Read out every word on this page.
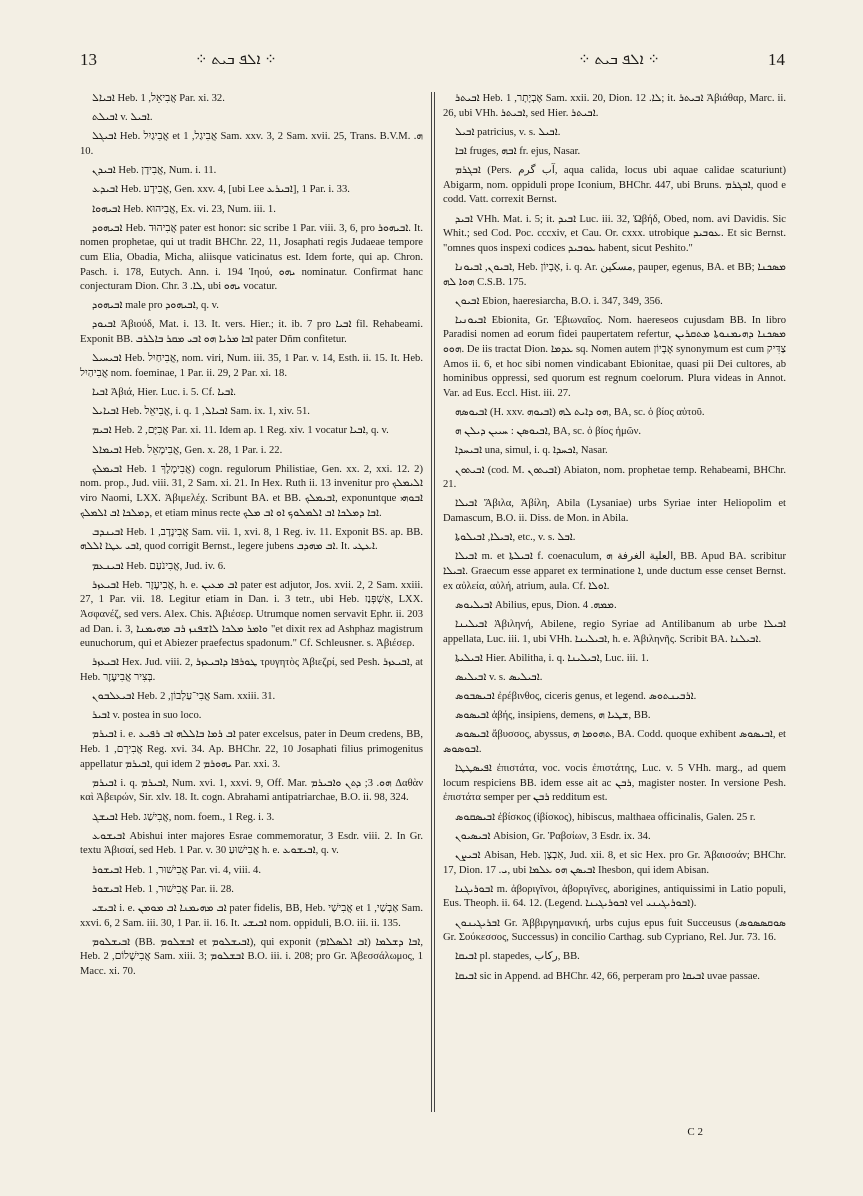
13	⁘ ܐܠܦ ܒܝܬ ⁘	⁘ ܐܠܦ ܒܝܬ ⁘	14

ܐܒܝܐܠ Heb. אֲבִיאֵל, 1 Par. xi. 32.

ܐܒܝܠܬ v. ܐܒܝܠ.

ܐܒܝܓܠ Heb. אֲבִיגַיִל et אֲבִיגַל, 1 Sam. xxv. 3, 2 Sam. xvii. 25, Trans. B.V.M. ܗ. 10.

ܐܒܝܕܢ Heb. אֲבִידָן, Num. i. 11.

ܐܒܝܕܥ Heb. אֲבִידָע, Gen. xxv. 4, [ubi Lee ܐܒܝܪܥ], 1 Par. i. 33.

ܐܒܝܗܘܐ Heb. אֲבִיהוּא, Ex. vi. 23, Num. iii. 1.

ܐܒܝܗܘܕ Heb. אֲבִיהוּד pater est honor: sic scribe 1 Par. viii. 3, 6, pro ܐܒܝܗܘܪ. It. nomen prophetae, qui ut tradit BHChr. 22, 11, Josaphati regis Judaeae tempore cum Elia, Obadia, Micha, aliisque vaticinatus est. Idem forte, qui ap. Chron. Pasch. i. 178, Eutych. Ann. i. 194 Ἰηού, ܝܗܘ nominatur. Confirmat hanc conjecturam Dion. Chr. ܠܐ. 3, ubi ܝܗܘ vocatur.

ܐܒܝܗܘܕ male pro ܐܒܝܗܘܕ, q. v.

ܐܒܝܘܕ Ἀβιούδ, Mat. i. 13. It. vers. Hier.; it. ib. 7 pro ܐܒܝܐ fil. Rehabeami. Exponit BB. ܐܒܐ ܡܪܝܐ ܗܘ ܐܒܝ ܡܩܪ ܒܐܠܪܒ pater Dñm confitetur.

ܐܒܝܚܝܠ Heb. אֲבִיחַיִל, nom. viri, Num. iii. 35, 1 Par. v. 14, Esth. ii. 15. It. Heb. אֲבִיהַיִל nom. foeminae, 1 Par. ii. 29, 2 Par. xi. 18.

ܐܒܝܐ Ἀβιά, Hier. Luc. i. 5. Cf. ܐܒܝܐ.

ܐܒܝܐܝܠ Heb. אֲבִיאֵל, i. q. ܐܒܝܐܠ, 1 Sam. ix. 1, xiv. 51.

ܐܒܝܡ Heb. אֲבִיָּם, 2 Par. xi. 11. Idem ap. 1 Reg. xiv. 1 vocatur ܐܒܝܐ, q. v.

ܐܒܝܡܐܠ Heb. אֲבִימָאֵל, Gen. x. 28, 1 Par. i. 22.

ܐܒܝܡܠܟ Heb. אֲבִימֶלֶךְ 1) cogn. regulorum Philistiae, Gen. xx. 2, xxi. 12. 2) nom. prop., Jud. viii. 31, 2 Sam. xi. 21. In Hex. Ruth ii. 13 invenitur pro ܐܠܝܡܠܟ viro Naomi, LXX. Ἀβιμελέχ. Scribunt BA. et BB. ܐܒܝܡܠܟ, exponuntque ܐܒܘܗܝ ܕܡܠܟܐ ܐܒ ܐܠܡܠܟ, et etiam minus recte ܐܒܐ ܕܡܠܟܐ ܐܒ ܐܠܡܠܘܟ ܐܘ ܐܒ ܡܠܟ.

ܐܒܝܢܕܒ Heb. אֲבִינָדָב, 1 Sam. vii. 1, xvi. 8, 1 Reg. iv. 11. Exponit BS. ap. BB. ܐܒܝ ܥܛܐ ܐܠܠܗ, quod corrigit Bernst., legere jubens ܐܒ ܡܗܕܒ. It. ܐܥܛܝ.

ܐܒܝܢܥܡ Heb. אֲבִינֹעַם, Jud. iv. 6.

ܐܒܝܥܙܪ Heb. אֲבִיעֶזֶר, h. e. ܐܒ ܡܥܝܢ pater est adjutor, Jos. xvii. 2, 2 Sam. xxiii. 27, 1 Par. vii. 18. Legitur etiam in Dan. i. 3 tetr., ubi Heb. אַשְׁפְּנַז, LXX. Ἀσφανέζ, sed vers. Alex. Chis. Ἀβιέσερ. Utrumque nomen servavit Ephr. ii. 203 ad Dan. i. 3, ܘܐܡܪ ܡܠܟܐ ܠܐܫܦܢܙ ܪܒ ܡܗܝܡܢܐ "et dixit rex ad Ashphaz magistrum eunuchorum, qui et Abiezer praefectus spadonum." Cf. Schleusner. s. Ἀβιέσερ.

ܐܒܝܥܙܪ Hex. Jud. viii. 2, ܛܘܪܦܐ ܕܐܒܝܥܙܪ τρυγητὸς Ἀβιεζρί, sed Pesh. ܐܒܝܥܙܪ, at Heb. בְּצִיר אֲבִיעֶזֶר.

ܐܒܝܥܠܒܘܢ Heb. אֲבִי־עַלְבוֹן, 2 Sam. xxiii. 31.

ܐܒܝܪ v. postea in suo loco.

ܐܒܝܪܡ i. e. ܐܒ ܪܡܐ ܒܐܠܠܗ ܐܒ ܪܦܝܥ pater excelsus, pater in Deum credens, BB, Heb. אֲבִירָם, 1 Reg. xvi. 34. Ap. BHChr. 22, 10 Josaphati filius primogenitus appellatur ܐܒܝܪܡ, qui idem ܝܗܘܪܡ 2 Par. xxi. 3.

ܐܒܝܪܡ i. q. ܐܒܝܪܡ, Num. xvi. 1, xxvi. 9, Off. Mar. ܗܘ. 3; ܕܬܢ ܘܐܒܝܪܡ Δαθὰν καὶ Ἀβειρών, Sir. xlv. 18. It. cogn. Abrahami antipatriarchae, B.O. ii. 98, 324.

ܐܒܝܫܓ Heb. אֲבִישַׁג, nom. foem., 1 Reg. i. 3.

ܐܒܝܫܘܥ Abishui inter majores Esrae commemoratur, 3 Esdr. viii. 2. In Gr. textu Ἀβισαί, sed Heb. 1 Par. v. 30 אֲבִישׁוּעַ h. e. ܐܒܝܫܘܥ, q. v.

ܐܒܝܫܘܪ Heb. אֲבִישׁוּר, 1 Par. vi. 4, viii. 4.

ܐܒܝܫܘܪ Heb. אֲבִישׁוּר, 1 Par. ii. 28.

ܐܒܝܫܝ i. e. ܐܒ ܡܗܝܡܢܐ ܐܒ ܡܘܡܢ pater fidelis, BB, Heb. אֲבִישַׁי et אַבְשַׁי, 1 Sam. xxvi. 6, 2 Sam. iii. 30, 1 Par. ii. 16. It. ܐܒܝܫܝ nom. oppiduli, B.O. iii. ii. 135.

ܐܒܝܫܠܘܡ (BB. ܐܒܫܠܘܡ et ܐܒܝܫܠܘܡ), qui exponit ܐܒܐ ܕܫܠܡܐ (ܐܒ ܐܠܣܠܐܡ), Heb. אֲבִישָׁלוֹם, 2 Sam. xiii. 3; ܐܒܫܠܘܡ B.O. iii. i. 208; pro Gr. Ἀβεσσάλωμος, 1 Macc. xi. 70.

ܐܒܝܬܪ Heb. אֶבְיָתָר, 1 Sam. xxii. 20, Dion. ܠܐ. 12; it. ܐܒܝܬܪ Ἀβιάθαρ, Marc. ii. 26, ubi VHh. ܐܒܝܬܪ, sed Hier. ܐܒܝܬܪ.

ܐܒܝܠ patricius, v. s. ܐܒܝܠ.

ܐܒܐ fruges, ܐܒܗ fr. ejus, Nasar.

ܐܒܓܪܡ (Pers. آب گرم, aqua calida, locus ubi aquae calidae scaturiunt) Abigarm, nom. oppiduli prope Iconium, BHChr. 447, ubi Bruns. ܐܒܓܪܡ, quod e codd. Vatt. correxit Bernst.

ܐܒܝܕ VHh. Mat. i. 5; it. ܐܒܝܕ Luc. iii. 32, Ὠβήδ, Obed, nom. avi Davidis. Sic Whit.; sed Cod. Poc. cccxiv, et Cau. Or. cxxx. utrobique ܥܘܒܝܕ. Et sic Bernst. "omnes quos inspexi codices ܥܘܒܝܕ habent, sicut Peshito."

ܐܒܝܘܢ, ܐܒܝܘܢܐ, Heb. אֶבְיוֹן, i. q. Ar. مسكين, pauper, egenus, BA. et BB; ܡܣܟܢܐ ܗܘܐ ܠܗ C.S.B. 175.

ܐܒܝܘܢ Ebion, haeresiarcha, B.O. i. 347, 349, 356.

ܐܒܝܘܢܝܐ Ebionita, Gr. Ἐβιωναῖος. Nom. haereseos cujusdam BB. In libro Paradisi nomen ad eorum fidei paupertatem refertur, ܡܣܟܢܐ ܕܗܝܡܢܘܬܐ ܡܬܩܪܝܢ ܗܘܘ. De iis tractat Dion. ܥܕܡܐ sq. Nomen autem אֶבְיוֹן synonymum est cum צַדִּיק Amos ii. 6, et hoc sibi nomen vindicabant Ebionitae, quasi pii Dei cultores, ab hominibus oppressi, sed quorum est regnum coelorum. Plura videas in Annot. Var. ad Eus. Eccl. Hist. iii. 27.

ܐܒܝܘܣܗ (H. xxv. ܐܒܝܘܗ) ܗܘ ܕܐܝܬ ܠܗ, BA, sc. ὁ βίος αὐτοῦ.

ܐܒܝܘܣܢ : ܚܝܝܢ ܕܝܠܢ ܗ, BA, sc. ὁ βίος ἡμῶν.

ܐܒܝܚܕܐ una, simul, i. q. ܐܟܚܕܐ, Nasar.

ܐܒܝܬܘܢ (cod. M. ܐܒܝܬܘܢ) Abiaton, nom. prophetae temp. Rehabeami, BHChr. 21.

ܐܒܝܠܐ Ἄβιλα, Ἀβίλη, Abila (Lysaniae) urbs Syriae inter Heliopolim et Damascum, B.O. ii. Diss. de Mon. in Abila.

ܐܒܝܠܐ, ܐܒܝܠܘܬܐ, etc., v. s. ܐܒܠ.

ܐܒܝܠܐ m. et ܐܒܝܠܬܐ f. coenaculum, العلية الغرفة ܗ, BB. Apud BA. scribitur ܐܒܝܠܐ. Graecum esse apparet ex terminatione ܐ, unde ductum esse censet Bernst. ex αὐλεία, αὐλή, atrium, aula. Cf. ܐܘܠܐ.

ܐܒܝܠܝܘܣ Abilius, epus, Dion. ܡܡܗ. 4.

ܐܒܝܠܝܢܐ Ἀβιληνή, Abilene, regio Syriae ad Antilibanum ab urbe ܐܒܝܠܐ appellata, Luc. iii. 1, ubi VHh. ܐܒܝܠܝܢܐ, h. e. Ἀβιληνῆς. Scribit BA. ܐܒܝܠܢܐ.

ܐܒܝܠܝܬܐ Hier. Abilitha, i. q. ܐܒܝܠܝܢܐ, Luc. iii. 1.

ܐܒܝܠܝܣ v. s. ܐܒܝܠܝܣ.

ܐܒܝܣܒܘܣ ἐρέβινθος, ciceris genus, et legend. ܐܪܒܝܢܬܘܣ.

ܐܒܝܣܘܣ ἀβής, insipiens, demens, ܫܛܝܐ ܗ, BB.

ܐܒܝܣܘܣ ἄβυσσος, abyssus, ܬܗܘܡܐ ܗ, BA. Codd. quoque exhibent ܐܒܝܣܘܣ, et ܐܒܘܣܘܣ.

ܐܦܝܣܛܛܐ ἐπιστάτα, voc. vocis ἐπιστάτης, Luc. v. 5 VHh. marg., ad quem locum respiciens BB. idem esse ait ac ܪܒܢ, magister noster. In versione Pesh. ἐπιστάτα semper per ܪܒܢ redditum est.

ܐܒܝܣܩܘܣ ἐβίσκος (ἰβίσκος), hibiscus, malthaea officinalis, Galen. 25 r.

ܐܒܝܣܝܘܢ Abision, Gr. Ῥαβσίων, 3 Esdr. ix. 34.

ܐܒܝܨܢ Abisan, Heb. אִבְצָן, Jud. xii. 8, et sic Hex. pro Gr. Ἀβαισσάν; BHChr. 17, Dion. ܝ. 17, ubi ܐܒܝܣܢ ܗܘ ܥܠܡܐ Ihesbon, qui idem Abisan.

ܐܒܘܪܝܓܢܐ m. ἀβοριγῖνοι, ἀβοριγῖνες, aborigines, antiquissimi in Latio populi, Eus. Theoph. ii. 64. 12. (Legend. ܐܒܘܪܝܓܝܢܐ vel ܐܒܘܪܝܓܝܢܝ).

ܐܒܪܝܓܝܢܘܢ Gr. Ἀββιργημανική, urbs cujus epus fuit Succeusus (ܣܘܩܣܣܘܣ Gr. Σούκεσσος, Successus) in concilio Carthag. sub Cypriano, Rel. Jur. 73. 16.

ܐܒܝܩܐ pl. stapedes, ركاب, BB.

ܐܒܝܩܐ sic in Append. ad BHChr. 42, 66, perperam pro ܐܒܝܩܐ uvae passae.

C 2
